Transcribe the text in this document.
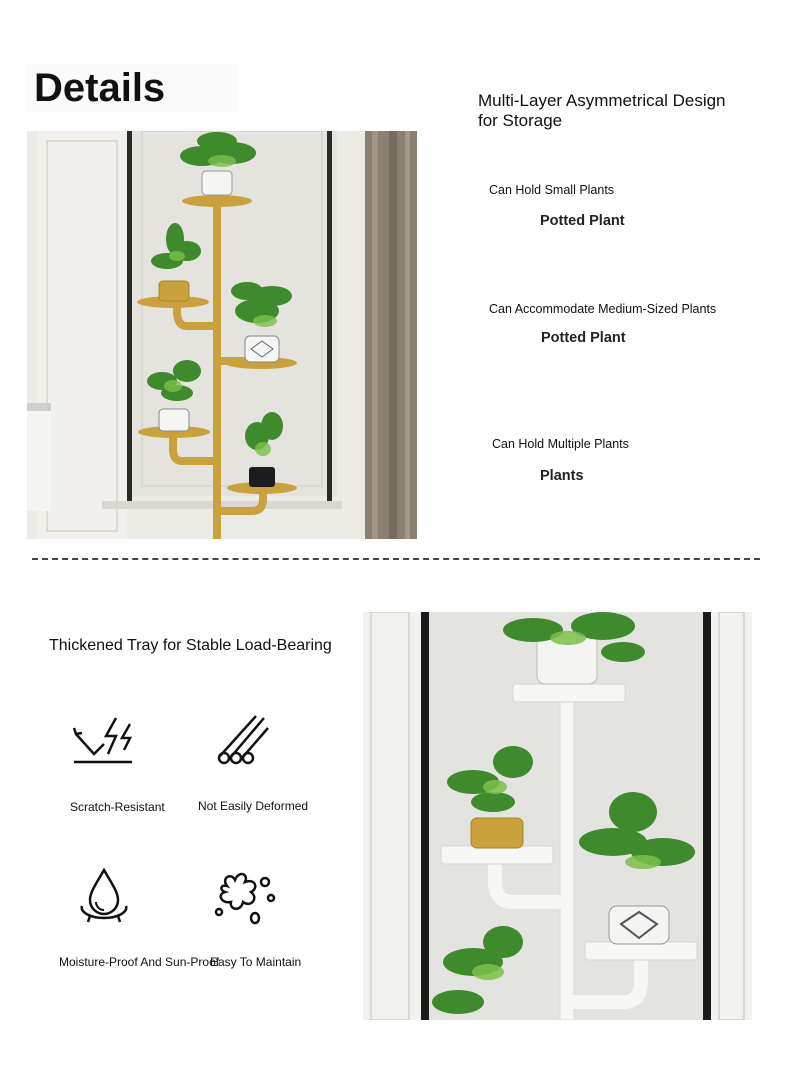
Details	Multi-Layer Asymmetrical Design
for Storage
Can Hold Small Plants
Potted Plant
Can Accommodate Medium-Sized Plants
Potted Plant
Can Hold Multiple Plants
Plants
Thickened Tray for Stable Load-Bearing
Scratch-Resistant	Not Easily Deformed
Moisture-Proof And Sun-Proof
Easy To Maintain
